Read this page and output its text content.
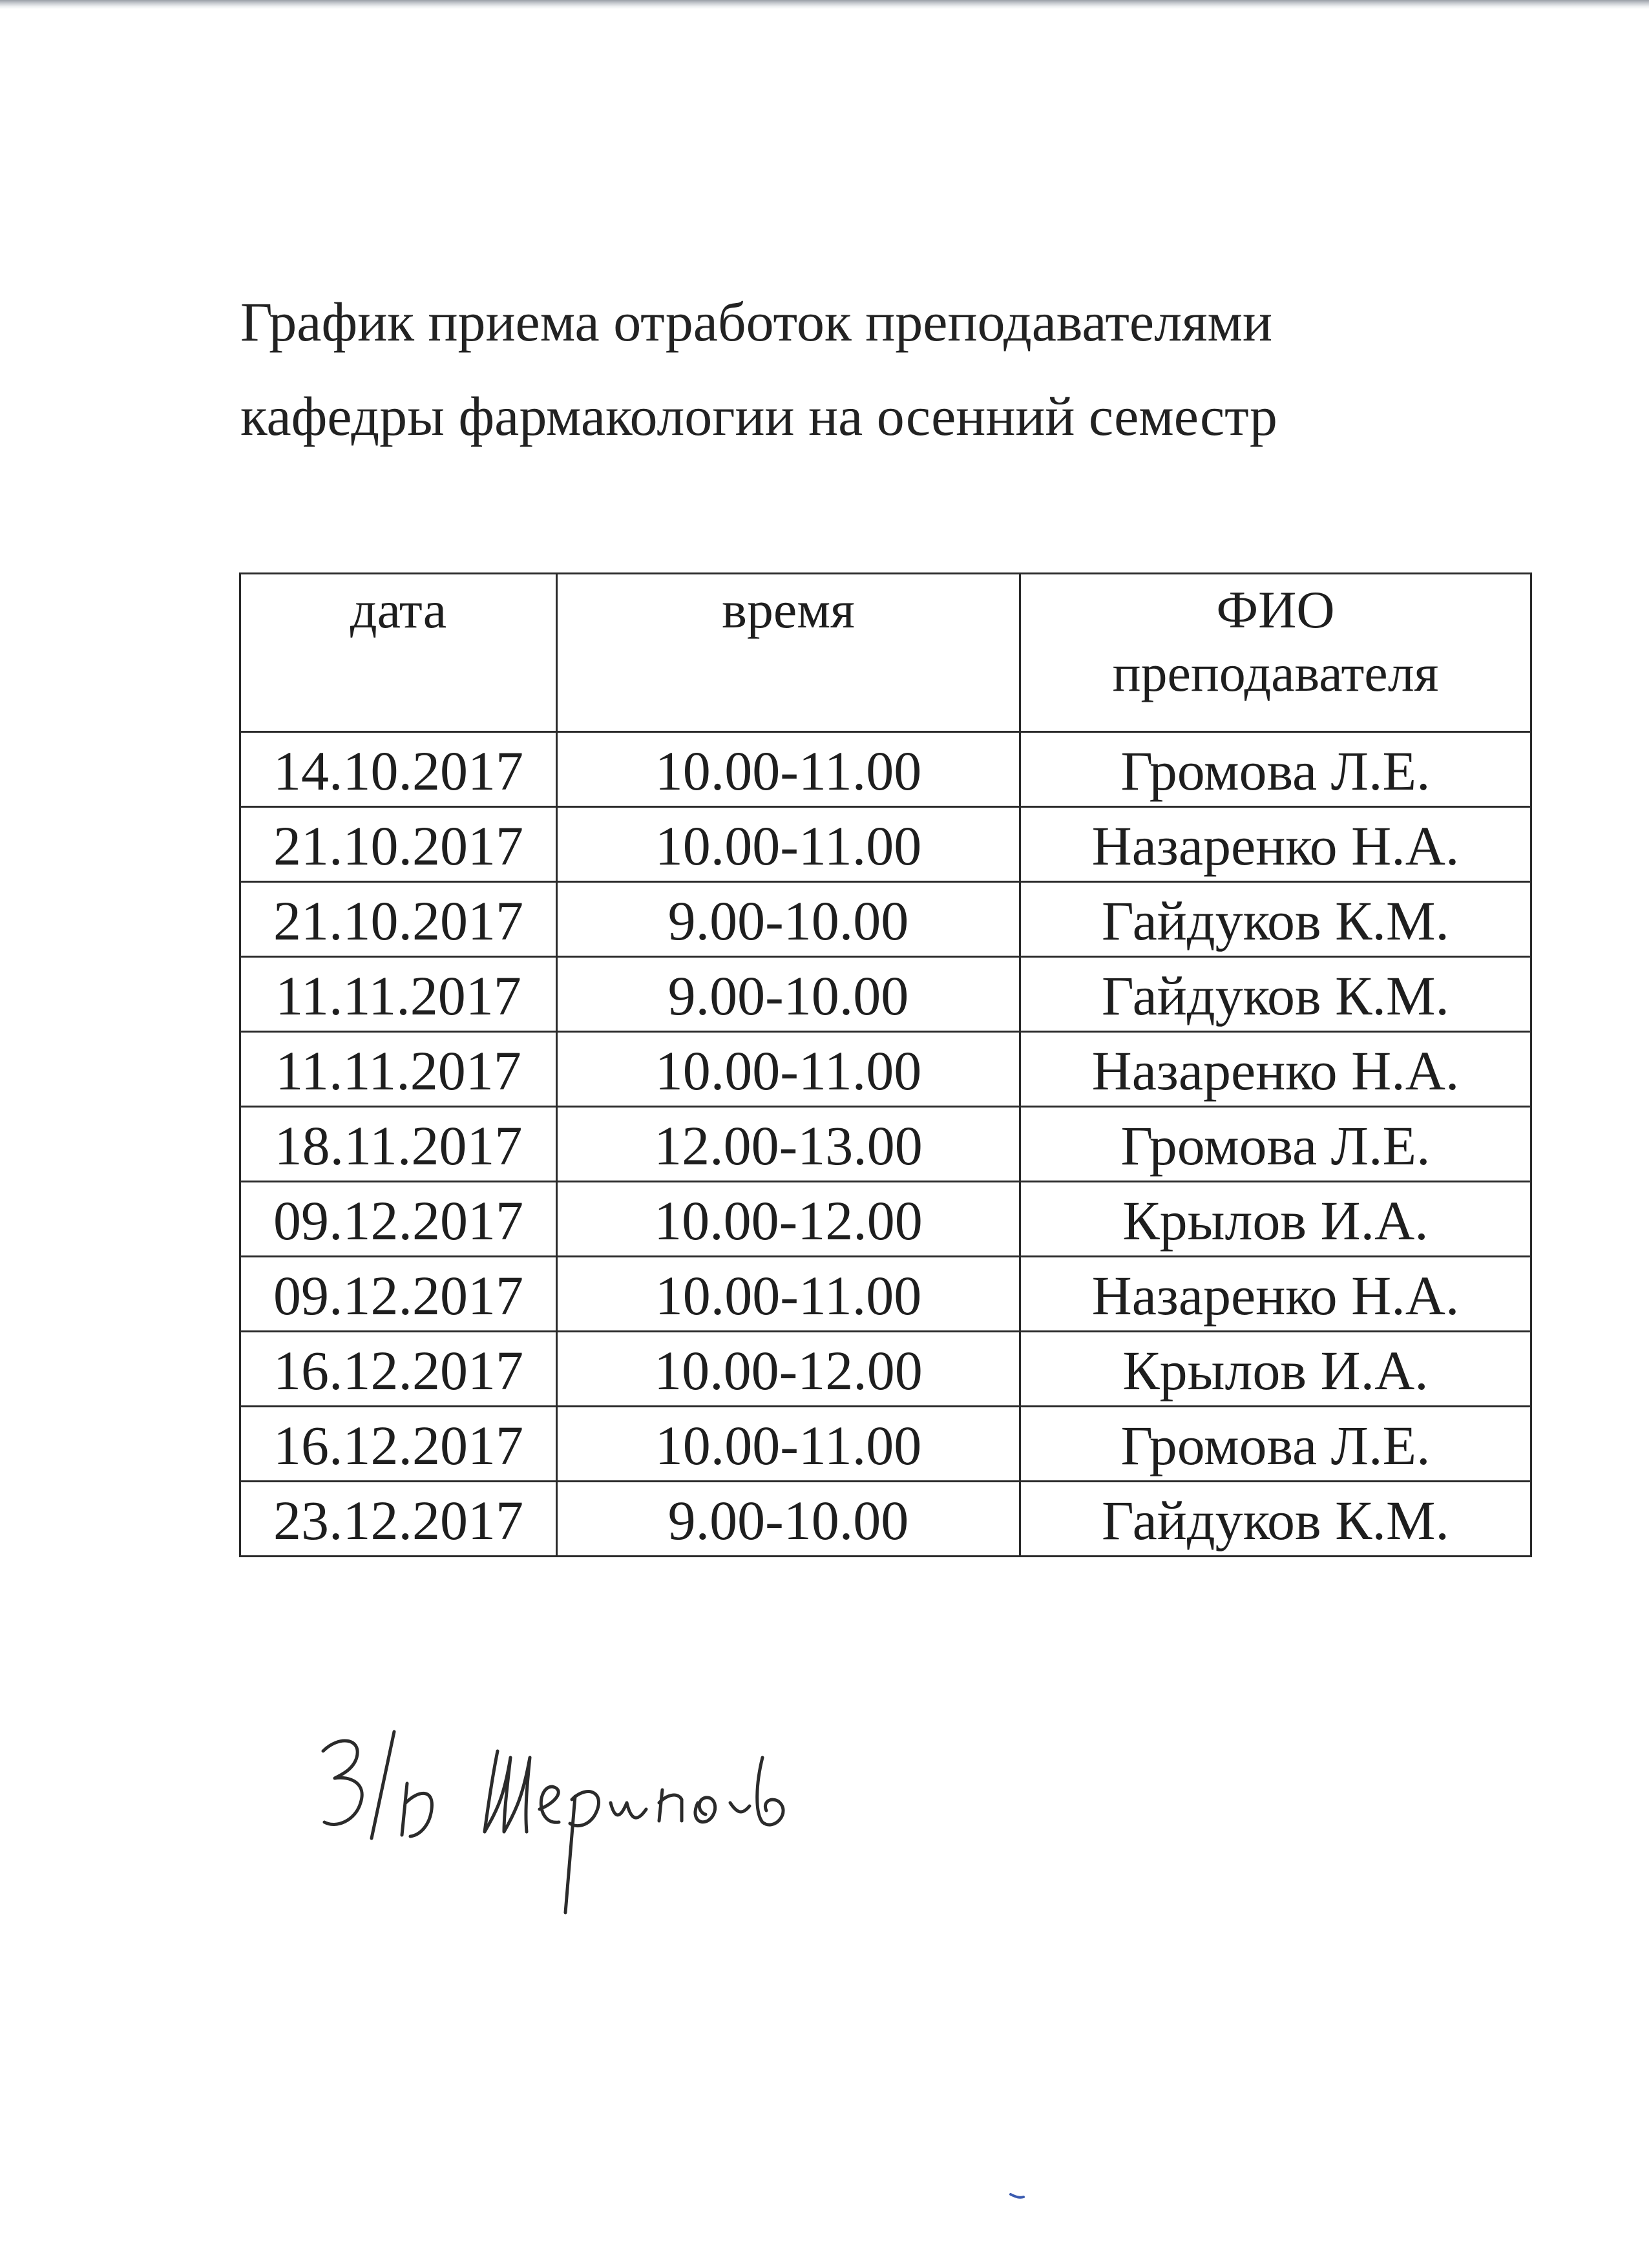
График приема отработок преподавателями
кафедры фармакологии на осенний семестр
дата	время	ФИО
преподавателя

14.10.2017	10.00-11.00	Громова Л.Е.
21.10.2017	10.00-11.00	Назаренко Н.А.
21.10.2017	9.00-10.00	Гайдуков К.М.
11.11.2017	9.00-10.00	Гайдуков К.М.
11.11.2017	10.00-11.00	Назаренко Н.А.
18.11.2017	12.00-13.00	Громова Л.Е.
09.12.2017	10.00-12.00	Крылов И.А.
09.12.2017	10.00-11.00	Назаренко Н.А.
16.12.2017	10.00-12.00	Крылов И.А.
16.12.2017	10.00-11.00	Громова Л.Е.
23.12.2017	9.00-10.00	Гайдуков К.М.
